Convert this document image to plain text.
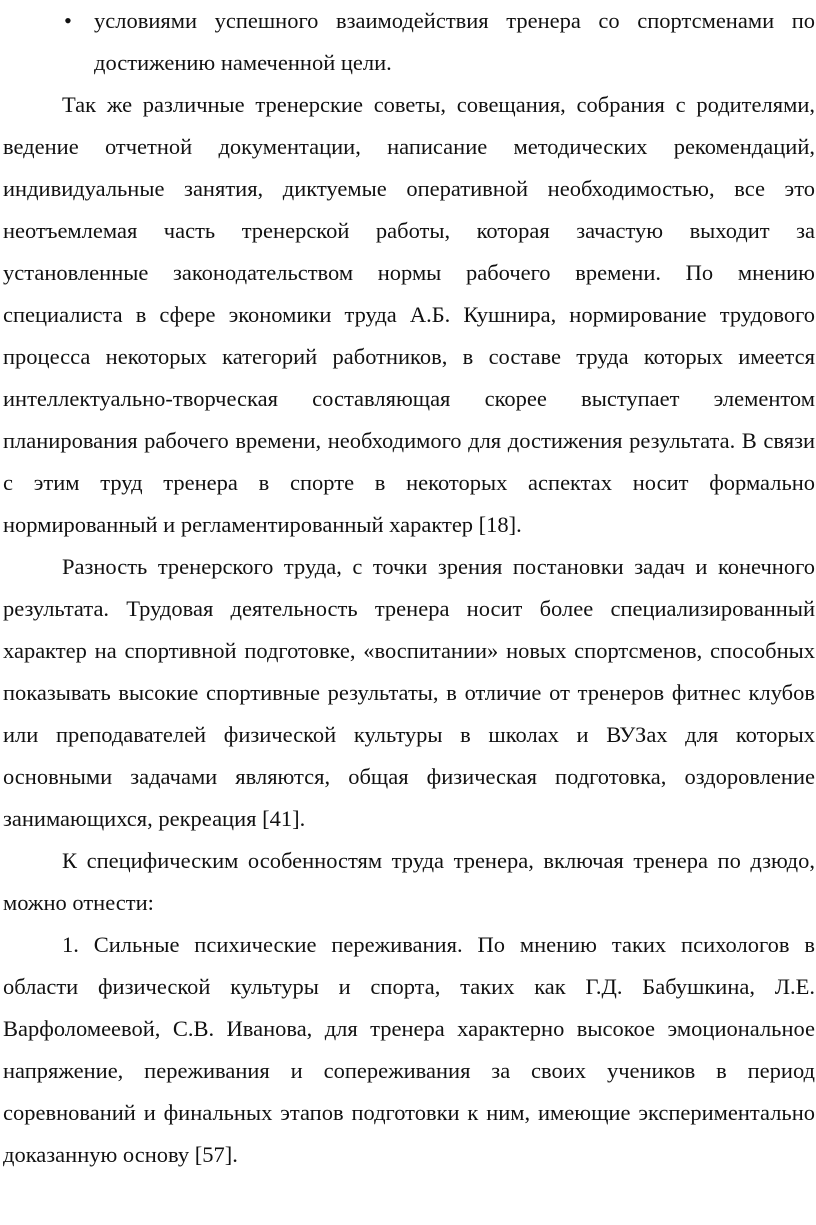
• условиями успешного взаимодействия тренера со спортсменами по достижению намеченной цели.

Так же различные тренерские советы, совещания, собрания с родителями, ведение отчетной документации, написание методических рекомендаций, индивидуальные занятия, диктуемые оперативной необходимостью, все это неотъемлемая часть тренерской работы, которая зачастую выходит за установленные законодательством нормы рабочего времени. По мнению специалиста в сфере экономики труда А.Б. Кушнира, нормирование трудового процесса некоторых категорий работников, в составе труда которых имеется интеллектуально-творческая составляющая скорее выступает элементом планирования рабочего времени, необходимого для достижения результата. В связи с этим труд тренера в спорте в некоторых аспектах носит формально нормированный и регламентированный характер [18].

Разность тренерского труда, с точки зрения постановки задач и конечного результата. Трудовая деятельность тренера носит более специализированный характер на спортивной подготовке, «воспитании» новых спортсменов, способных показывать высокие спортивные результаты, в отличие от тренеров фитнес клубов или преподавателей физической культуры в школах и ВУЗах для которых основными задачами являются, общая физическая подготовка, оздоровление занимающихся, рекреация [41].

К специфическим особенностям труда тренера, включая тренера по дзюдо, можно отнести:

1. Сильные психические переживания. По мнению таких психологов в области физической культуры и спорта, таких как Г.Д. Бабушкина, Л.Е. Варфоломеевой, С.В. Иванова, для тренера характерно высокое эмоциональное напряжение, переживания и сопереживания за своих учеников в период соревнований и финальных этапов подготовки к ним, имеющие экспериментально доказанную основу [57].
